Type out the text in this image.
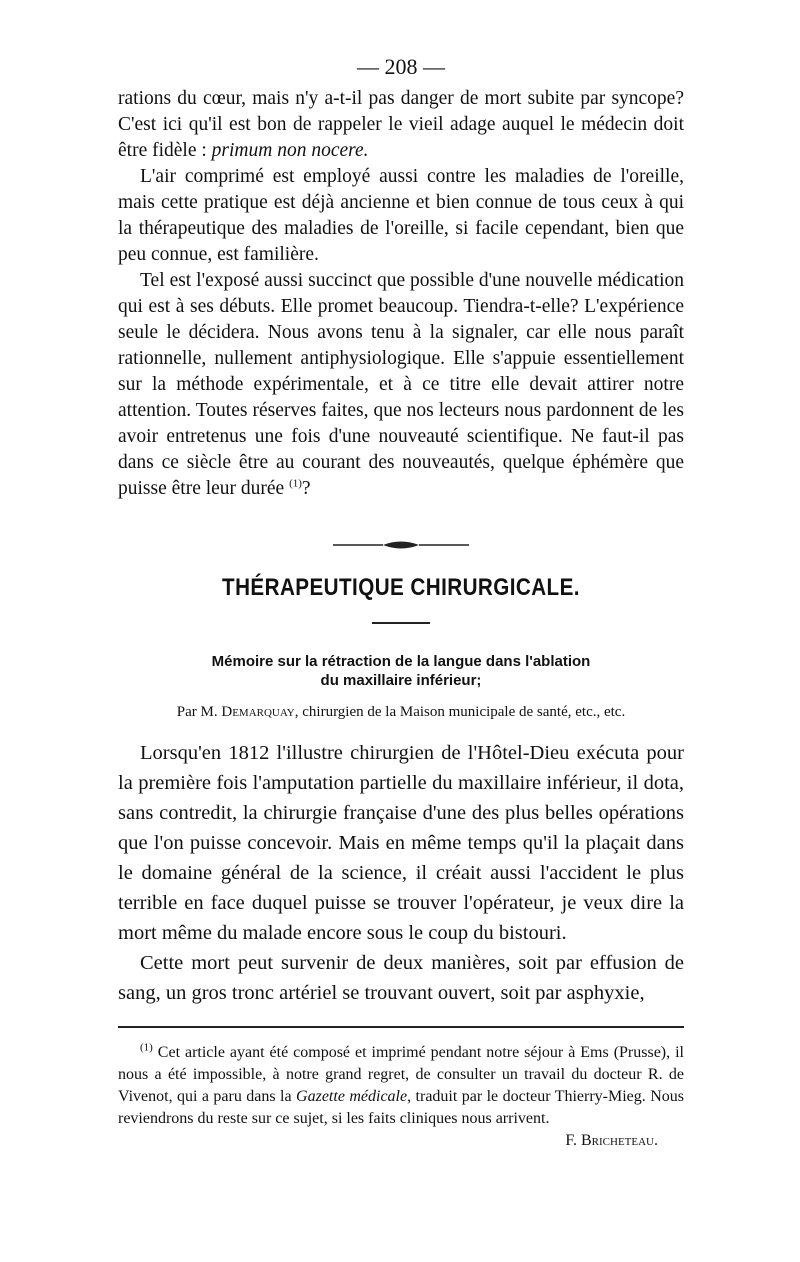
— 208 —

rations du cœur, mais n'y a-t-il pas danger de mort subite par syncope? C'est ici qu'il est bon de rappeler le vieil adage auquel le médecin doit être fidèle : primum non nocere.

L'air comprimé est employé aussi contre les maladies de l'oreille, mais cette pratique est déjà ancienne et bien connue de tous ceux à qui la thérapeutique des maladies de l'oreille, si facile cependant, bien que peu connue, est familière.

Tel est l'exposé aussi succinct que possible d'une nouvelle médication qui est à ses débuts. Elle promet beaucoup. Tiendra-t-elle? L'expérience seule le décidera. Nous avons tenu à la signaler, car elle nous paraît rationnelle, nullement antiphysiologique. Elle s'appuie essentiellement sur la méthode expérimentale, et à ce titre elle devait attirer notre attention. Toutes réserves faites, que nos lecteurs nous pardonnent de les avoir entretenus une fois d'une nouveauté scientifique. Ne faut-il pas dans ce siècle être au courant des nouveautés, quelque éphémère que puisse être leur durée $^{(1)}$?

THÉRAPEUTIQUE CHIRURGICALE.
Mémoire sur la rétraction de la langue dans l'ablation
du maxillaire inférieur;
Par M. Demarquay, chirurgien de la Maison municipale de santé, etc., etc.

Lorsqu'en 1812 l'illustre chirurgien de l'Hôtel-Dieu exécuta pour la première fois l'amputation partielle du maxillaire inférieur, il dota, sans contredit, la chirurgie française d'une des plus belles opérations que l'on puisse concevoir. Mais en même temps qu'il la plaçait dans le domaine général de la science, il créait aussi l'accident le plus terrible en face duquel puisse se trouver l'opérateur, je veux dire la mort même du malade encore sous le coup du bistouri.

Cette mort peut survenir de deux manières, soit par effusion de sang, un gros tronc artériel se trouvant ouvert, soit par asphyxie,

$^{(1)}$ Cet article ayant été composé et imprimé pendant notre séjour à Ems (Prusse), il nous a été impossible, à notre grand regret, de consulter un travail du docteur R. de Vivenot, qui a paru dans la Gazette médicale, traduit par le docteur Thierry-Mieg. Nous reviendrons du reste sur ce sujet, si les faits cliniques nous arrivent.
F. Bricheteau.
